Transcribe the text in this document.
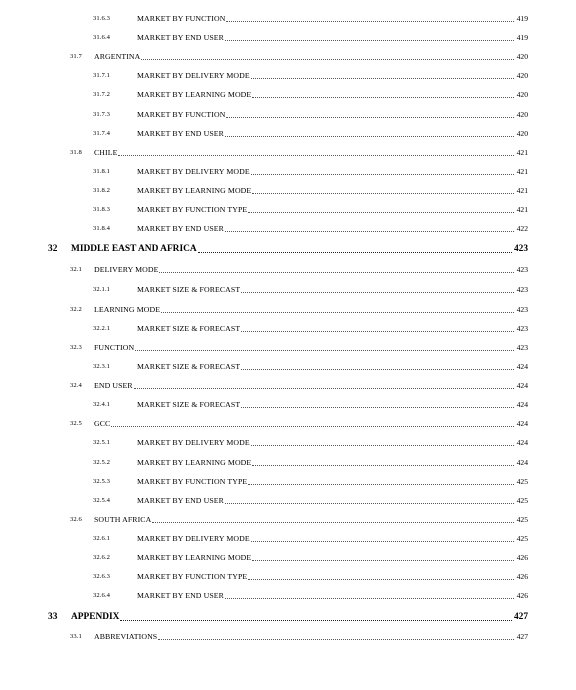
31.6.3	MARKET BY FUNCTION	419
31.6.4	MARKET BY END USER	419
31.7 ARGENTINA	420
31.7.1	MARKET BY DELIVERY MODE	420
31.7.2	MARKET BY LEARNING MODE	420
31.7.3	MARKET BY FUNCTION	420
31.7.4	MARKET BY END USER	420
31.8 CHILE	421
31.8.1	MARKET BY DELIVERY MODE	421
31.8.2	MARKET BY LEARNING MODE	421
31.8.3	MARKET BY FUNCTION TYPE	421
31.8.4	MARKET BY END USER	422
32 MIDDLE EAST AND AFRICA	423
32.1 DELIVERY MODE	423
32.1.1	MARKET SIZE & FORECAST	423
32.2 LEARNING MODE	423
32.2.1	MARKET SIZE & FORECAST	423
32.3 FUNCTION	423
32.3.1	MARKET SIZE & FORECAST	424
32.4 END USER	424
32.4.1	MARKET SIZE & FORECAST	424
32.5 GCC	424
32.5.1	MARKET BY DELIVERY MODE	424
32.5.2	MARKET BY LEARNING MODE	424
32.5.3	MARKET BY FUNCTION TYPE	425
32.5.4	MARKET BY END USER	425
32.6 SOUTH AFRICA	425
32.6.1	MARKET BY DELIVERY MODE	425
32.6.2	MARKET BY LEARNING MODE	426
32.6.3	MARKET BY FUNCTION TYPE	426
32.6.4	MARKET BY END USER	426
33 APPENDIX	427
33.1 ABBREVIATIONS	427
